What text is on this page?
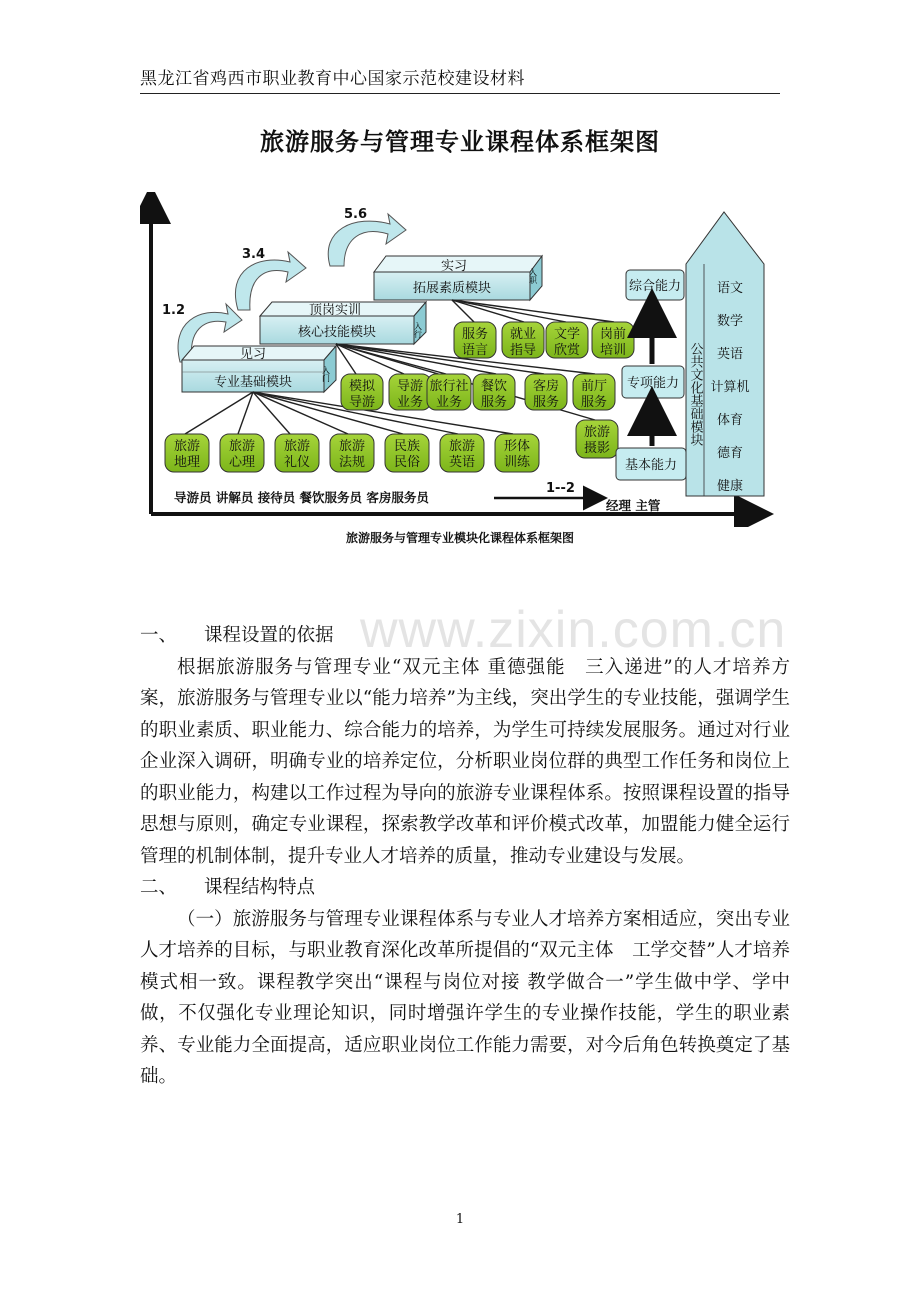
黑龙江省鸡西市职业教育中心国家示范校建设材料
旅游服务与管理专业课程体系框架图
1.2
3.4
5.6
1--2
见习
专业基础模块
入门
顶岗实训
核心技能模块	入行
实习
拓展素质模块
入职
旅游
地理
旅游
心理
旅游
礼仪
旅游
法规
民族
民俗
旅游
英语
形体
训练
模拟
导游
导游
业务
旅行社
业务
餐饮
服务
客房
服务
前厅
服务
旅游
摄影
服务
语言
就业
指导
文学
欣赏
岗前
培训
综合能力
专项能力
基本能力
公共文化基础模块
语文
数学
英语
计算机
体育
德育
健康
导游员 讲解员 接待员 餐饮服务员 客房服务员
经理 主管
旅游服务与管理专业模块化课程体系框架图
www.zixin.com.cn
一、	课程设置的依据

根据旅游服务与管理专业“双元主体 重德强能　三入递进”的人才培养方案，旅游服务与管理专业以“能力培养”为主线，突出学生的专业技能，强调学生的职业素质、职业能力、综合能力的培养，为学生可持续发展服务。通过对行业企业深入调研，明确专业的培养定位，分析职业岗位群的典型工作任务和岗位上的职业能力，构建以工作过程为导向的旅游专业课程体系。按照课程设置的指导思想与原则，确定专业课程，探索教学改革和评价模式改革，加盟能力健全运行管理的机制体制，提升专业人才培养的质量，推动专业建设与发展。

二、	课程结构特点

（一）旅游服务与管理专业课程体系与专业人才培养方案相适应，突出专业人才培养的目标，与职业教育深化改革所提倡的“双元主体　工学交替”人才培养模式相一致。课程教学突出“课程与岗位对接 教学做合一”学生做中学、学中做，不仅强化专业理论知识，同时增强许学生的专业操作技能，学生的职业素养、专业能力全面提高，适应职业岗位工作能力需要，对今后角色转换奠定了基础。

1
